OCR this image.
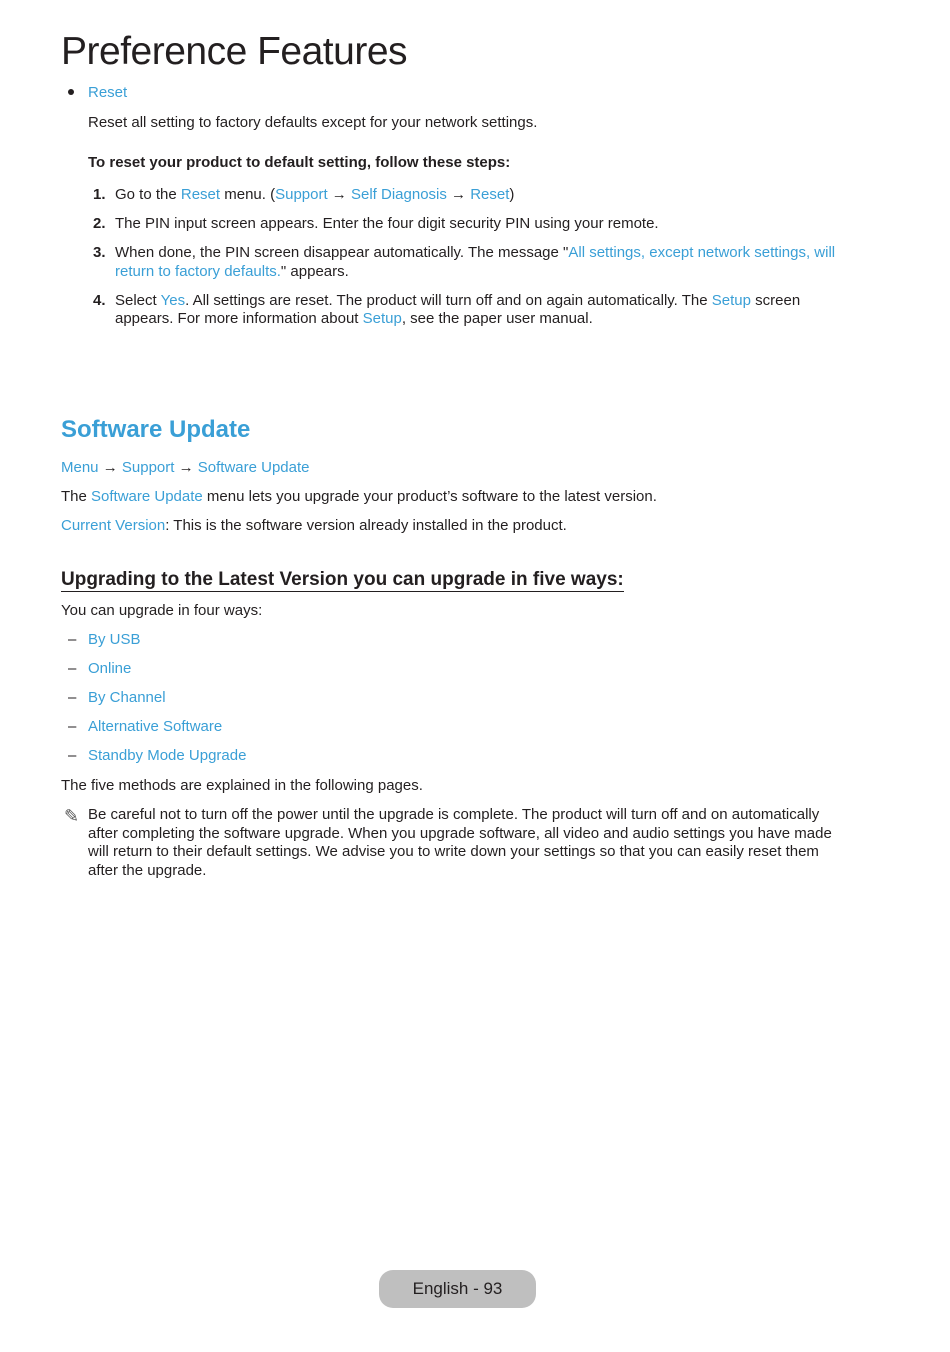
Preference Features
Reset
Reset all setting to factory defaults except for your network settings.
To reset your product to default setting, follow these steps:
1. Go to the Reset menu. (Support → Self Diagnosis → Reset)
2. The PIN input screen appears. Enter the four digit security PIN using your remote.
3. When done, the PIN screen disappear automatically. The message "All settings, except network settings, will return to factory defaults." appears.
4. Select Yes. All settings are reset. The product will turn off and on again automatically. The Setup screen appears. For more information about Setup, see the paper user manual.
Software Update

Menu → Support → Software Update

The Software Update menu lets you upgrade your product’s software to the latest version.

Current Version: This is the software version already installed in the product.

Upgrading to the Latest Version you can upgrade in five ways:

You can upgrade in four ways:

– By USB
– Online
– By Channel
– Alternative Software
– Standby Mode Upgrade

The five methods are explained in the following pages.

✎ Be careful not to turn off the power until the upgrade is complete. The product will turn off and on automatically after completing the software upgrade. When you upgrade software, all video and audio settings you have made will return to their default settings. We advise you to write down your settings so that you can easily reset them after the upgrade.
English - 93
